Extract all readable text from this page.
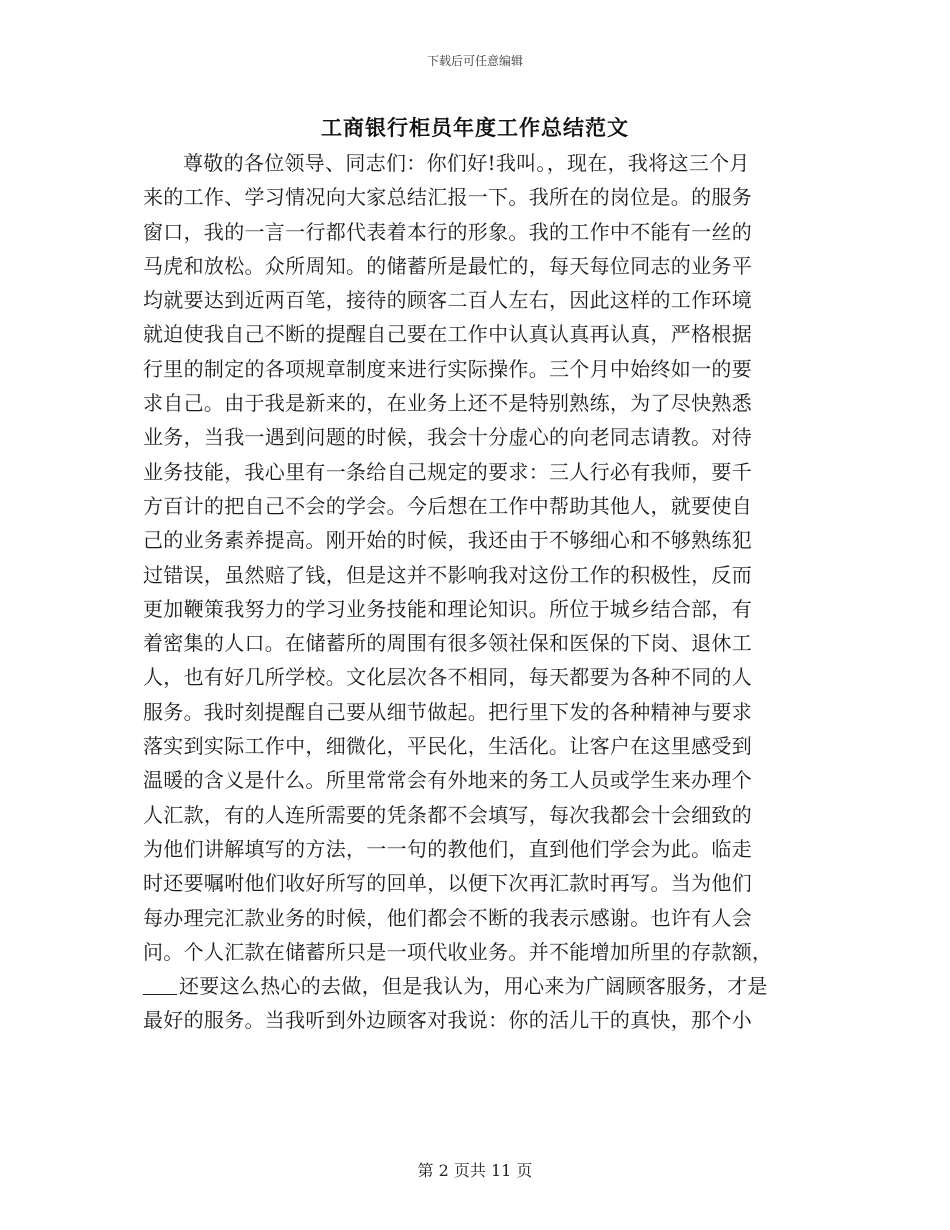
下载后可任意编辑
工商银行柜员年度工作总结范文
尊敬的各位领导、同志们：你们好!我叫。，现在，我将这三个月
来的工作、学习情况向大家总结汇报一下。我所在的岗位是。的服务
窗口，我的一言一行都代表着本行的形象。我的工作中不能有一丝的
马虎和放松。众所周知。的储蓄所是最忙的，每天每位同志的业务平
均就要达到近两百笔，接待的顾客二百人左右，因此这样的工作环境
就迫使我自己不断的提醒自己要在工作中认真认真再认真，严格根据
行里的制定的各项规章制度来进行实际操作。三个月中始终如一的要
求自己。由于我是新来的，在业务上还不是特别熟练，为了尽快熟悉
业务，当我一遇到问题的时候，我会十分虚心的向老同志请教。对待
业务技能，我心里有一条给自己规定的要求：三人行必有我师，要千
方百计的把自己不会的学会。今后想在工作中帮助其他人，就要使自
己的业务素养提高。刚开始的时候，我还由于不够细心和不够熟练犯
过错误，虽然赔了钱，但是这并不影响我对这份工作的积极性，反而
更加鞭策我努力的学习业务技能和理论知识。所位于城乡结合部，有
着密集的人口。在储蓄所的周围有很多领社保和医保的下岗、退休工
人，也有好几所学校。文化层次各不相同，每天都要为各种不同的人
服务。我时刻提醒自己要从细节做起。把行里下发的各种精神与要求
落实到实际工作中，细微化，平民化，生活化。让客户在这里感受到
温暖的含义是什么。所里常常会有外地来的务工人员或学生来办理个
人汇款，有的人连所需要的凭条都不会填写，每次我都会十会细致的
为他们讲解填写的方法，一一句的教他们，直到他们学会为此。临走
时还要嘱咐他们收好所写的回单，以便下次再汇款时再写。当为他们
每办理完汇款业务的时候，他们都会不断的我表示感谢。也许有人会
问。个人汇款在储蓄所只是一项代收业务。并不能增加所里的存款额，
还要这么热心的去做，但是我认为，用心来为广阔顾客服务，才是
最好的服务。当我听到外边顾客对我说：你的活儿干的真快，那个小
第 2 页共 11 页
